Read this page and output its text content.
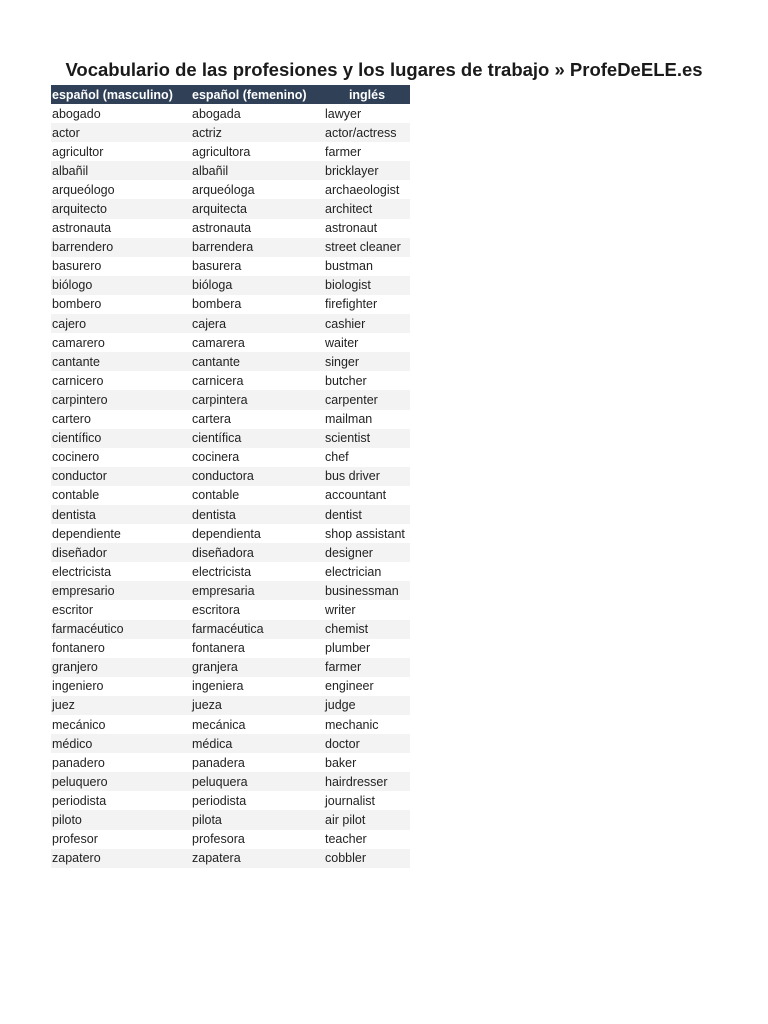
Vocabulario de las profesiones y los lugares de trabajo » ProfeDeELE.es
español (masculino)	español (femenino)	inglés
abogado	abogada	lawyer
actor	actriz	actor/actress
agricultor	agricultora	farmer
albañil	albañil	bricklayer
arqueólogo	arqueóloga	archaeologist
arquitecto	arquitecta	architect
astronauta	astronauta	astronaut
barrendero	barrendera	street cleaner
basurero	basurera	bustman
biólogo	bióloga	biologist
bombero	bombera	firefighter
cajero	cajera	cashier
camarero	camarera	waiter
cantante	cantante	singer
carnicero	carnicera	butcher
carpintero	carpintera	carpenter
cartero	cartera	mailman
científico	científica	scientist
cocinero	cocinera	chef
conductor	conductora	bus driver
contable	contable	accountant
dentista	dentista	dentist
dependiente	dependienta	shop assistant
diseñador	diseñadora	designer
electricista	electricista	electrician
empresario	empresaria	businessman
escritor	escritora	writer
farmacéutico	farmacéutica	chemist
fontanero	fontanera	plumber
granjero	granjera	farmer
ingeniero	ingeniera	engineer
juez	jueza	judge
mecánico	mecánica	mechanic
médico	médica	doctor
panadero	panadera	baker
peluquero	peluquera	hairdresser
periodista	periodista	journalist
piloto	pilota	air pilot
profesor	profesora	teacher
zapatero	zapatera	cobbler
